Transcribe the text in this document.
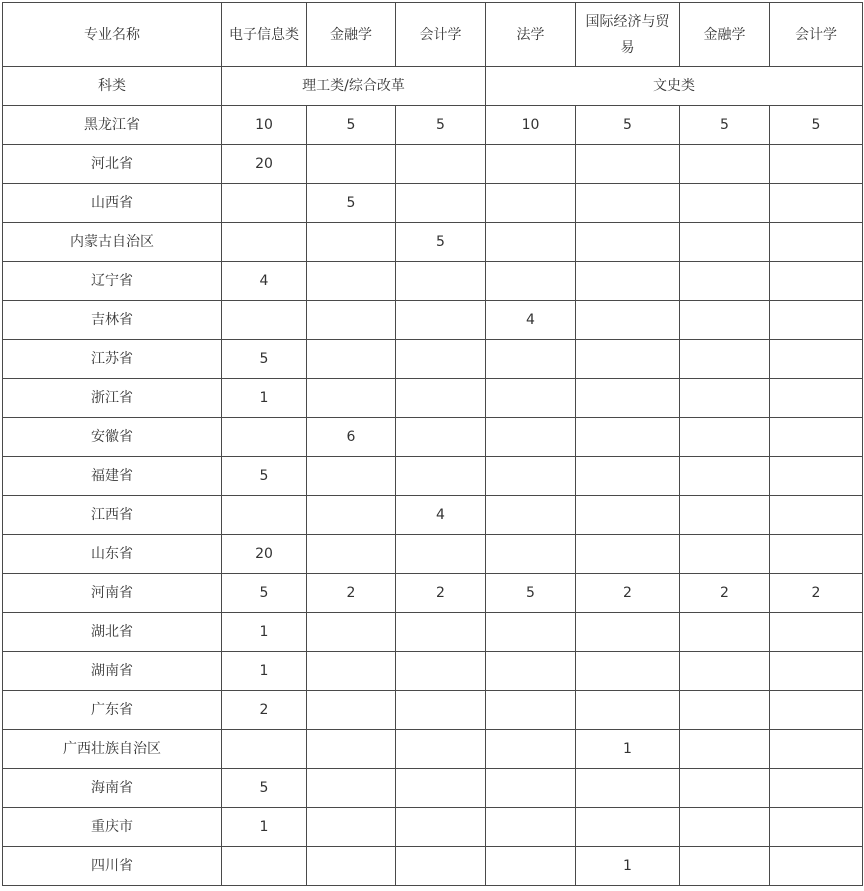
专业名称	电子信息类	金融学	会计学	法学	国际经济与贸易	金融学	会计学
科类	理工类/综合改革			文史类			
黑龙江省	10	5	5	10	5	5	5
河北省	20						
山西省		5					
内蒙古自治区			5				
辽宁省	4						
吉林省				4			
江苏省	5						
浙江省	1						
安徽省		6					
福建省	5						
江西省			4				
山东省	20						
河南省	5	2	2	5	2	2	2
湖北省	1						
湖南省	1						
广东省	2						
广西壮族自治区					1		
海南省	5						
重庆市	1						
四川省					1		
